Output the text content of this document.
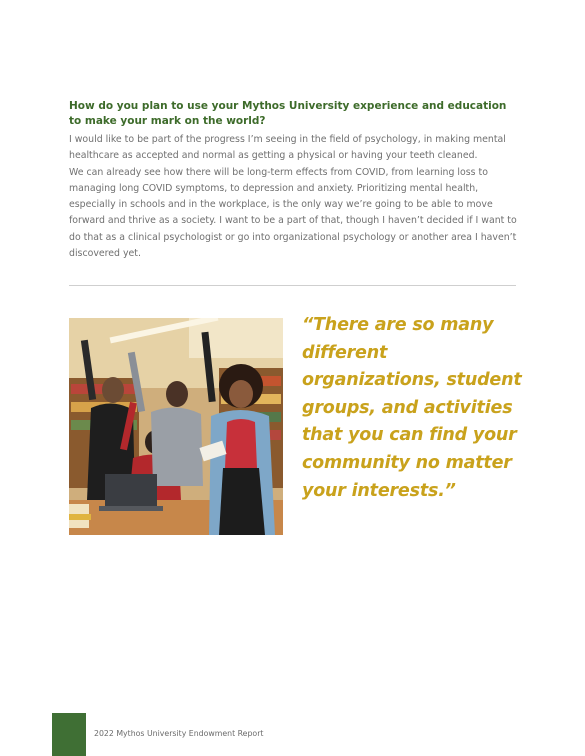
How do you plan to use your Mythos University experience and education to make your mark on the world?

I would like to be part of the progress I’m seeing in the field of psychology, in making mental healthcare as accepted and normal as getting a physical or having your teeth cleaned.

We can already see how there will be long-term effects from COVID, from learning loss to managing long COVID symptoms, to depression and anxiety. Prioritizing mental health, especially in schools and in the workplace, is the only way we’re going to be able to move forward and thrive as a society. I want to be a part of that, though I haven’t decided if I want to do that as a clinical psychologist or go into organizational psychology or another area I haven’t discovered yet.

“There are so many different organizations, student groups, and activities that you can find your community no matter your interests.”

2022 Mythos University Endowment Report
